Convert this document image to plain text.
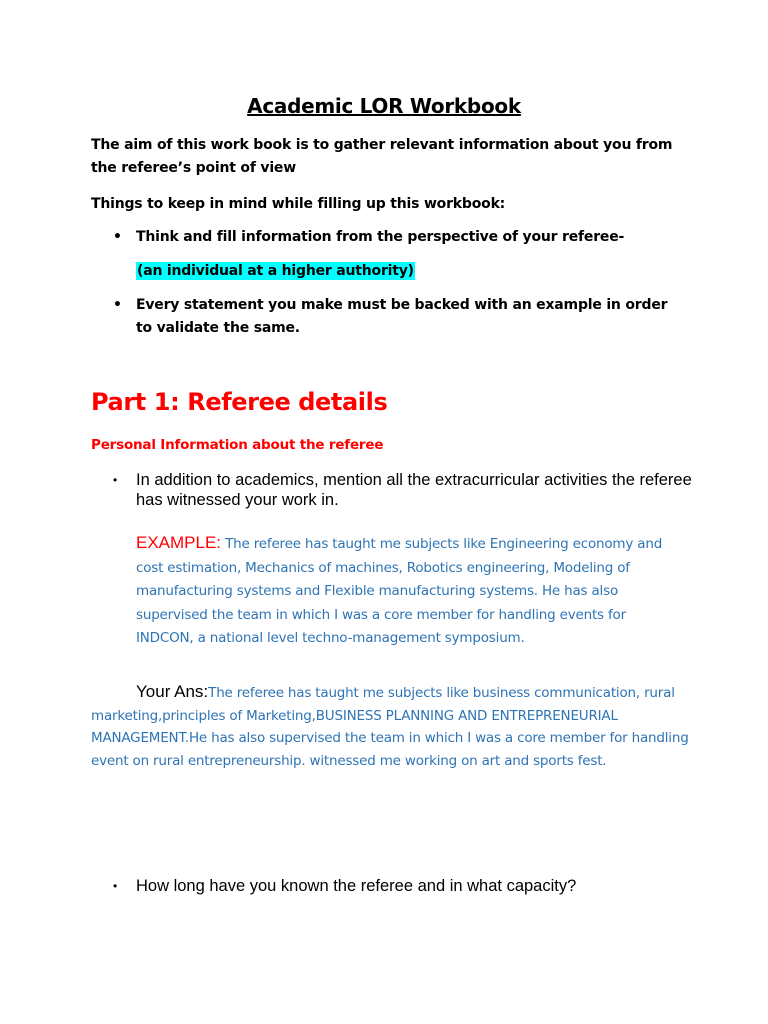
Academic LOR Workbook
The aim of this work book is to gather relevant information about you from the referee’s point of view
Things to keep in mind while filling up this workbook:
• Think and fill information from the perspective of your referee-
(an individual at a higher authority)
• Every statement you make must be backed with an example in order to validate the same.
Part 1: Referee details
Personal Information about the referee
• In addition to academics, mention all the extracurricular activities the referee has witnessed your work in.
EXAMPLE: The referee has taught me subjects like Engineering economy and cost estimation, Mechanics of machines, Robotics engineering, Modeling of manufacturing systems and Flexible manufacturing systems. He has also supervised the team in which I was a core member for handling events for INDCON, a national level techno-management symposium.
Your Ans:The referee has taught me subjects like business communication, rural marketing,principles of Marketing,BUSINESS PLANNING AND ENTREPRENEURIAL MANAGEMENT.He has also supervised the team in which I was a core member for handling event on rural entrepreneurship. witnessed me working on art and sports fest.
• How long have you known the referee and in what capacity?
